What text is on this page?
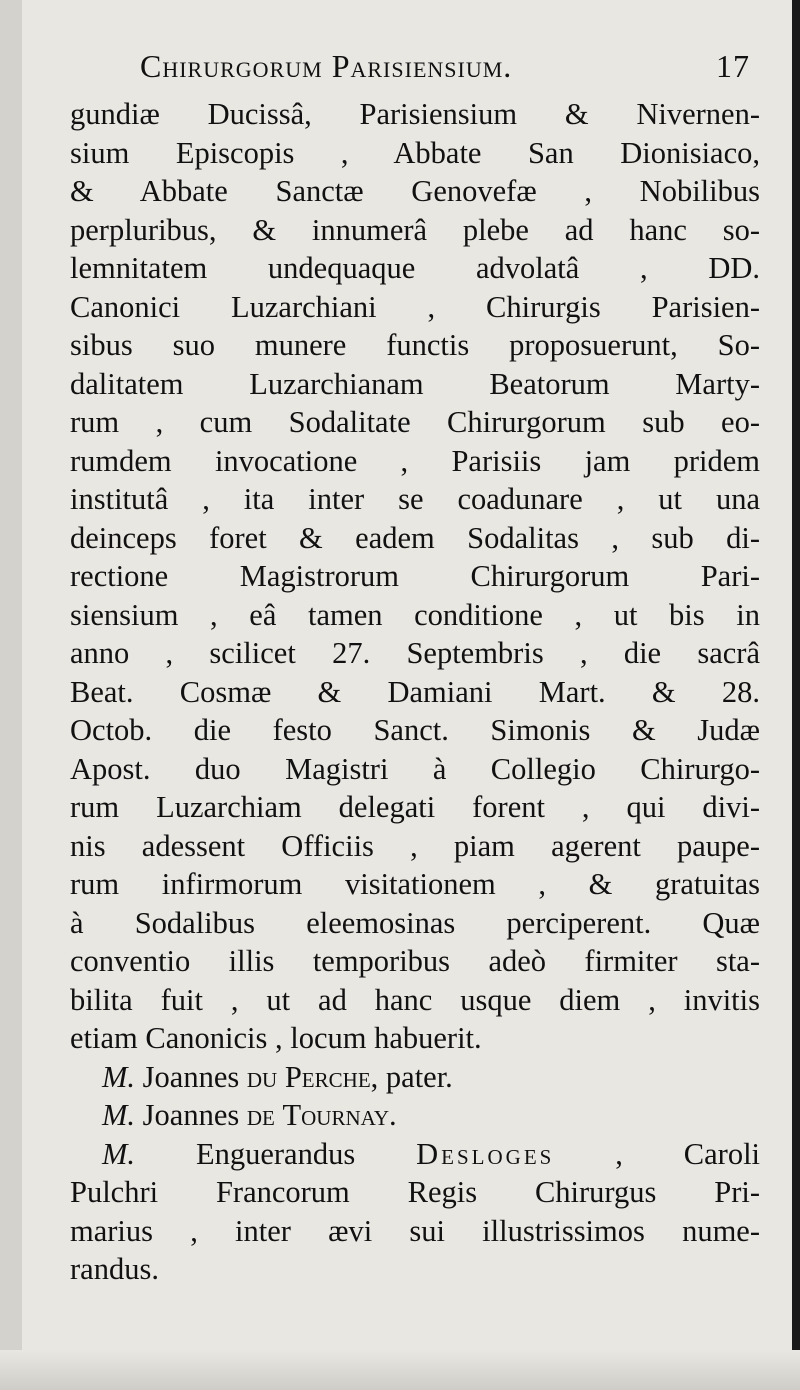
Chirurgorum Parisiensium.	17
gundiæ Ducissâ, Parisiensium & Nivernen-
sium Episcopis , Abbate San Dionisiaco,
& Abbate Sanctæ Genovefæ , Nobilibus
perpluribus, & innumerâ plebe ad hanc so-
lemnitatem undequaque advolatâ , DD.
Canonici Luzarchiani , Chirurgis Parisien-
sibus suo munere functis proposuerunt, So-
dalitatem Luzarchianam Beatorum Marty-
rum , cum Sodalitate Chirurgorum sub eo-
rumdem invocatione , Parisiis jam pridem
institutâ , ita inter se coadunare , ut una
deinceps foret & eadem Sodalitas , sub di-
rectione Magistrorum Chirurgorum Pari-
siensium , eâ tamen conditione , ut bis in
anno , scilicet 27. Septembris , die sacrâ
Beat. Cosmæ & Damiani Mart. & 28.
Octob. die festo Sanct. Simonis & Judæ
Apost. duo Magistri à Collegio Chirurgo-
rum Luzarchiam delegati forent , qui divi-
nis adessent Officiis , piam agerent paupe-
rum infirmorum visitationem , & gratuitas
à Sodalibus eleemosinas perciperent. Quæ
conventio illis temporibus adeò firmiter sta-
bilita fuit , ut ad hanc usque diem , invitis
etiam Canonicis , locum habuerit.
M. Joannes du Perche, pater.
M. Joannes de Tournay.
M. Enguerandus Desloges , Caroli
Pulchri Francorum Regis Chirurgus Pri-
marius , inter ævi sui illustrissimos nume-
randus.
